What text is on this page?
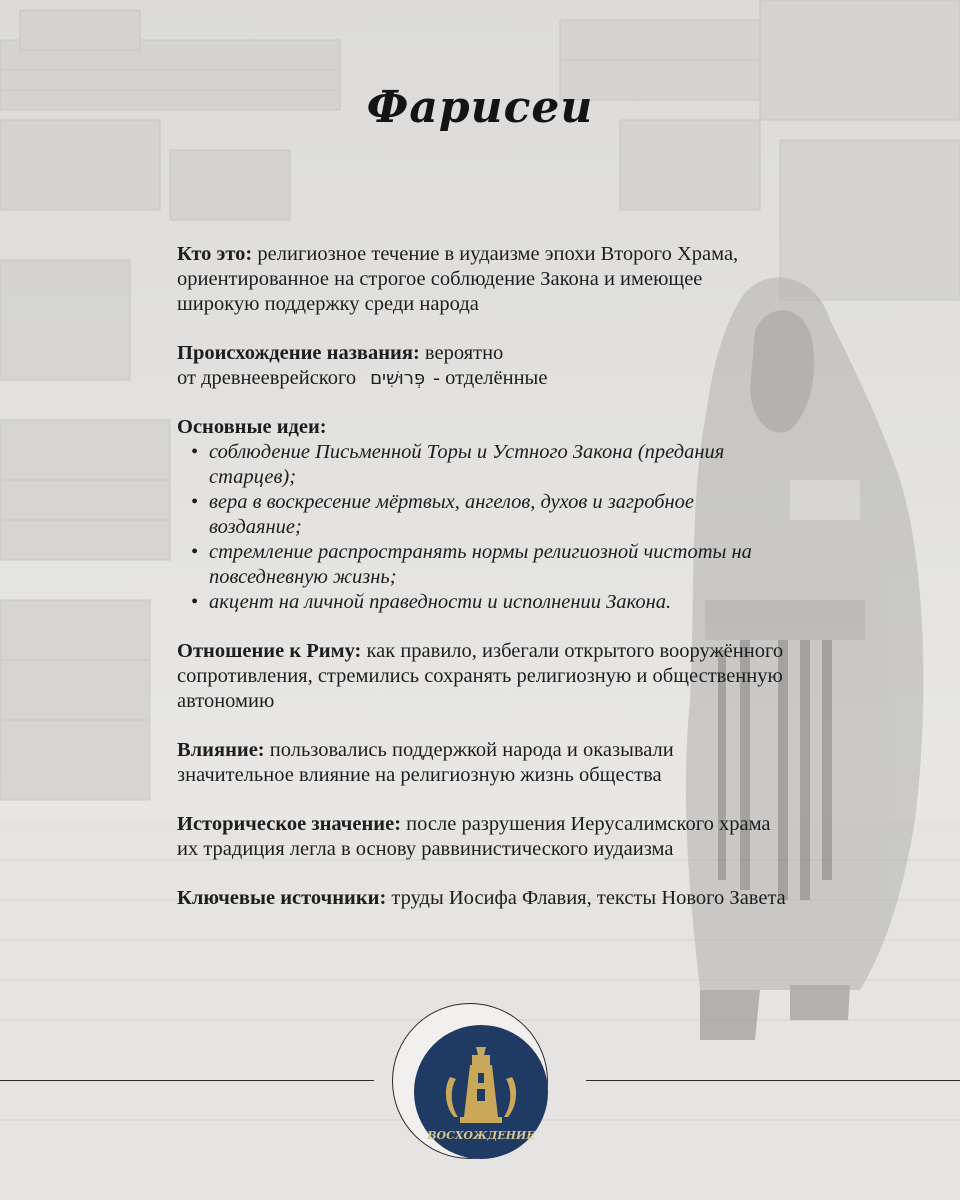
Фарисеи

Кто это: религиозное течение в иудаизме эпохи Второго Храма, ориентированное на строгое соблюдение Закона и имеющее широкую поддержку среди народа

Происхождение названия: вероятно
от древнееврейского פְּרוּשִׁים - отделённые

Основные идеи:
• соблюдение Письменной Торы и Устного Закона (предания старцев);
• вера в воскресение мёртвых, ангелов, духов и загробное воздаяние;
• стремление распространять нормы религиозной чистоты на повседневную жизнь;
• акцент на личной праведности и исполнении Закона.

Отношение к Риму: как правило, избегали открытого вооружённого сопротивления, стремились сохранять религиозную и общественную автономию

Влияние: пользовались поддержкой народа и оказывали значительное влияние на религиозную жизнь общества

Историческое значение: после разрушения Иерусалимского храма их традиция легла в основу раввинистического иудаизма

Ключевые источники: труды Иосифа Флавия, тексты Нового Завета

ВОСХОЖДЕНИЕ
